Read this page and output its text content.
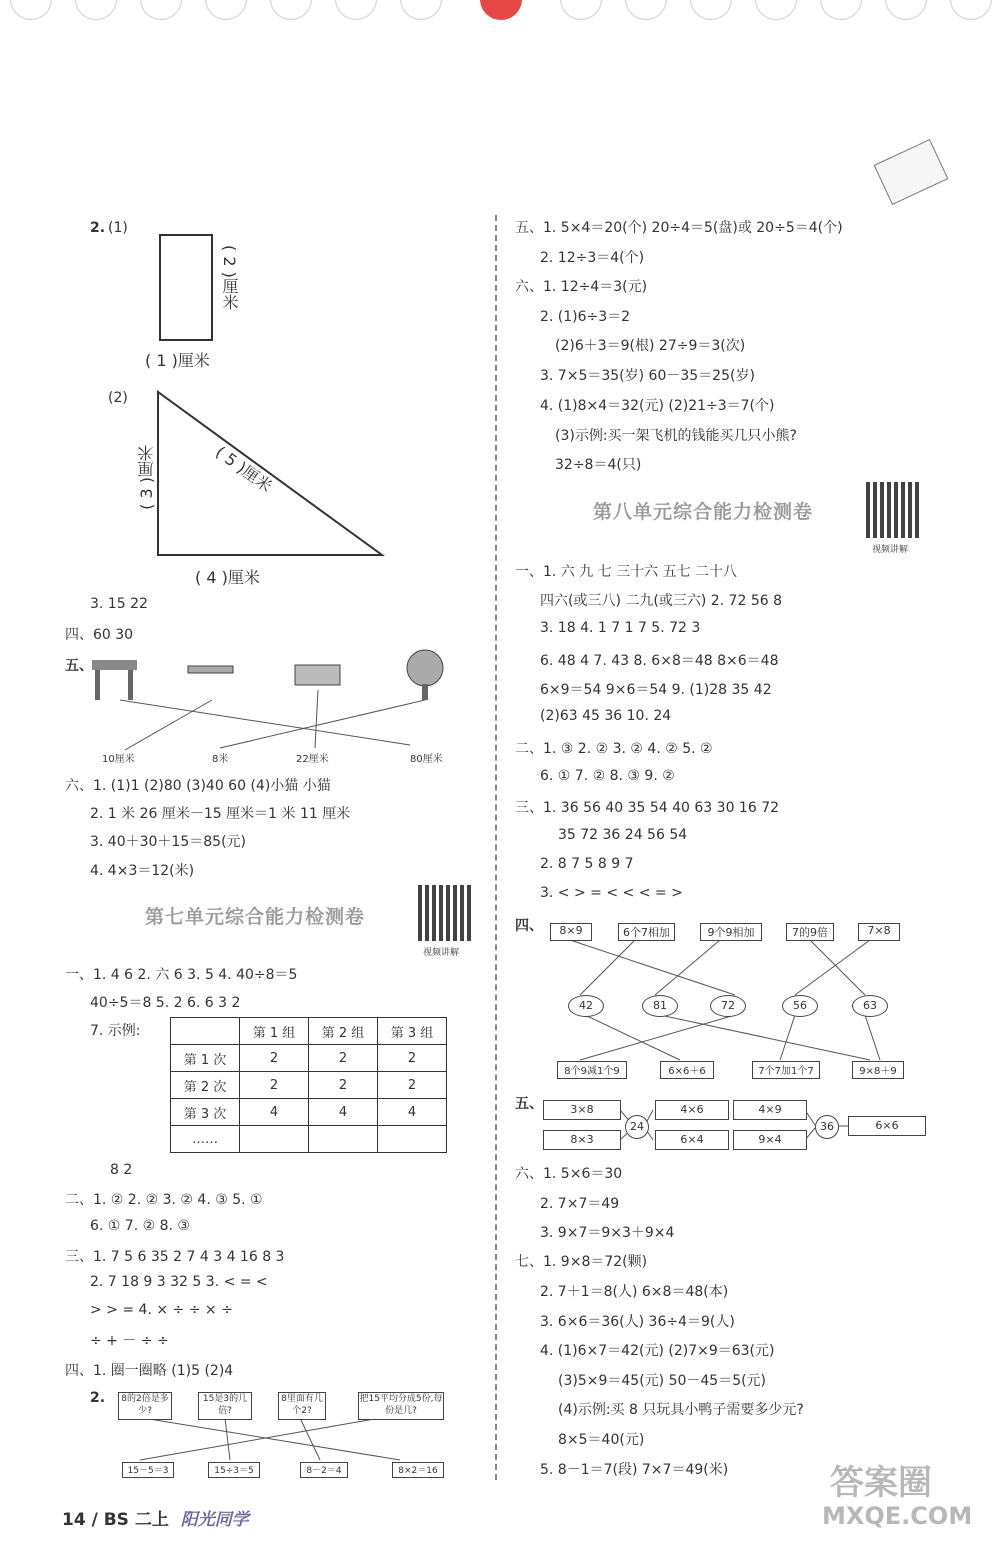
2. (1)
( 1 )厘米
( 2 )厘米
(2)
( 5 )厘米
( 3 )厘米
( 4 )厘米
3. 15 22
四、60 30
五、
10厘米	8米	22厘米	80厘米
六、1. (1)1 (2)80 (3)40 60 (4)小猫 小猫
2. 1 米 26 厘米－15 厘米＝1 米 11 厘米
3. 40＋30＋15＝85(元)
4. 4×3＝12(米)
第七单元综合能力检测卷
视频讲解
一、1. 4 6 2. 六 6 3. 5 4. 40÷8＝5
40÷5＝8 5. 2 6. 6 3 2
7. 示例:
		第 1 组	第 2 组	第 3 组
第 1 次	2	2	2
第 2 次	2	2	2
第 3 次	4	4	4
……			
8 2
二、1. ② 2. ② 3. ② 4. ③ 5. ①
6. ① 7. ② 8. ③
三、1. 7 5 6 35 2 7 4 3 4 16 8 3
2. 7 18 9 3 32 5 3. < = <
> > = 4. × ÷ ÷ × ÷
÷ + － ÷ ÷
四、1. 圈一圈略 (1)5 (2)4
2.	8的2倍是多少?
15是3的几倍?
8里面有几个2?
把15平均分成5份,每份是几?
15－5＝3	15÷3＝5	8－2＝4	8×2＝16
五、1. 5×4＝20(个) 20÷4＝5(盘)或 20÷5＝4(个)
2. 12÷3＝4(个)
六、1. 12÷4＝3(元)
2. (1)6÷3＝2
(2)6＋3＝9(根) 27÷9＝3(次)
3. 7×5＝35(岁) 60－35＝25(岁)
4. (1)8×4＝32(元) (2)21÷3＝7(个)
(3)示例:买一架飞机的钱能买几只小熊?
32÷8＝4(只)
第八单元综合能力检测卷
视频讲解
一、1. 六 九 七 三十六 五七 二十八
四六(或三八) 二九(或三六) 2. 72 56 8
3. 18 4. 1 7 1 7 5. 72 3
6. 48 4 7. 43 8. 6×8＝48 8×6＝48
6×9＝54 9×6＝54 9. (1)28 35 42
(2)63 45 36 10. 24
二、1. ③ 2. ② 3. ② 4. ② 5. ②
6. ① 7. ② 8. ③ 9. ②
三、1. 36 56 40 35 54 40 63 30 16 72
35 72 36 24 56 54
2. 8 7 5 8 9 7
3. < > = < < < = >
四、	8×9	6个7相加	9个9相加	7的9倍	7×8
42	81	72	56	63
8个9减1个9	6×6＋6	7个7加1个7	9×8＋9
五、	3×8
8×3
24
4×6
6×4
4×9
9×4
36	6×6
六、1. 5×6＝30
2. 7×7＝49
3. 9×7＝9×3＋9×4
七、1. 9×8＝72(颗)
2. 7＋1＝8(人) 6×8＝48(本)
3. 6×6＝36(人) 36÷4＝9(人)
4. (1)6×7＝42(元) (2)7×9＝63(元)
(3)5×9＝45(元) 50－45＝5(元)
(4)示例:买 8 只玩具小鸭子需要多少元?
8×5＝40(元)
5. 8－1＝7(段) 7×7＝49(米)
14 / BS 二上 阳光同学
答案圈
MXQE.COM
